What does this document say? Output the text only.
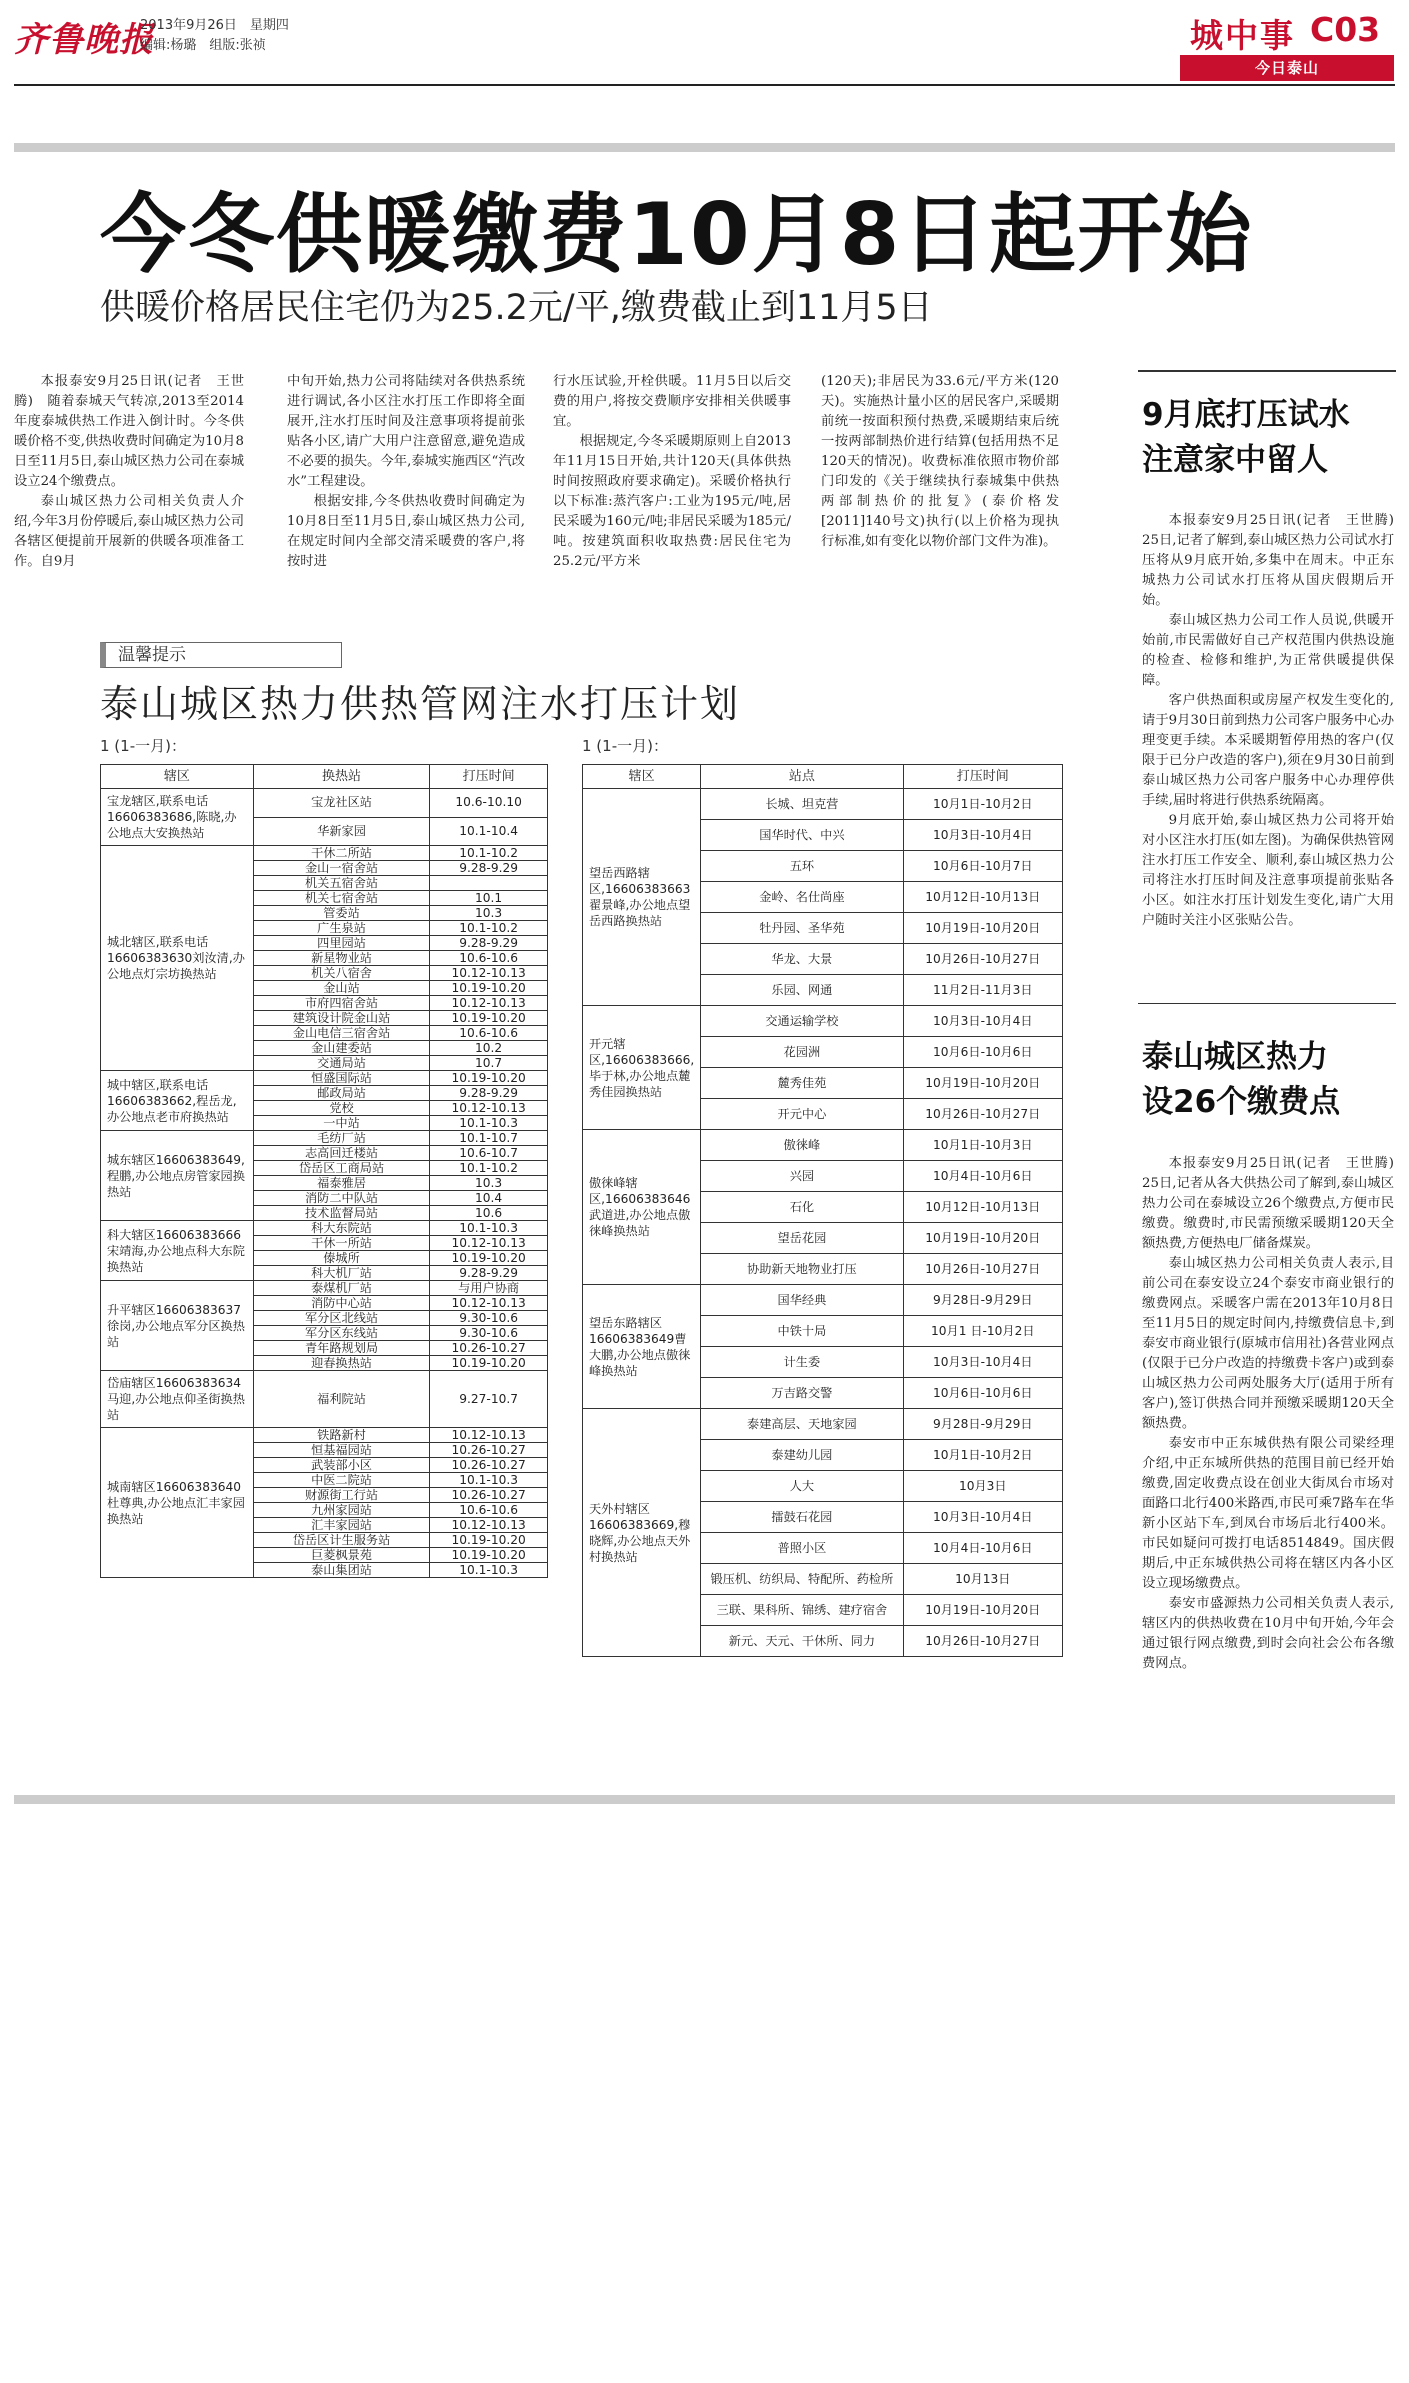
齐鲁晚报
2013年9月26日　星期四
编辑:杨璐　组版:张祯	城中事 C03
今日泰山
今冬供暖缴费10月8日起开始
供暖价格居民住宅仍为25.2元/平,缴费截止到11月5日

本报泰安9月25日讯(记者　王世腾)　随着泰城天气转凉,2013至2014年度泰城供热工作进入倒计时。今冬供暖价格不变,供热收费时间确定为10月8日至11月5日,泰山城区热力公司在泰城设立24个缴费点。

泰山城区热力公司相关负责人介绍,今年3月份停暖后,泰山城区热力公司各辖区便提前开展新的供暖各项准备工作。自9月

中旬开始,热力公司将陆续对各供热系统进行调试,各小区注水打压工作即将全面展开,注水打压时间及注意事项将提前张贴各小区,请广大用户注意留意,避免造成不必要的损失。今年,泰城实施西区“汽改水”工程建设。

根据安排,今冬供热收费时间确定为10月8日至11月5日,泰山城区热力公司,在规定时间内全部交清采暖费的客户,将按时进

行水压试验,开栓供暖。11月5日以后交费的用户,将按交费顺序安排相关供暖事宜。

根据规定,今冬采暖期原则上自2013年11月15日开始,共计120天(具体供热时间按照政府要求确定)。采暖价格执行以下标准:蒸汽客户:工业为195元/吨,居民采暖为160元/吨;非居民采暖为185元/吨。按建筑面积收取热费:居民住宅为25.2元/平方米

(120天);非居民为33.6元/平方米(120天)。实施热计量小区的居民客户,采暖期前统一按面积预付热费,采暖期结束后统一按两部制热价进行结算(包括用热不足120天的情况)。收费标准依照市物价部门印发的《关于继续执行泰城集中供热两部制热价的批复》(泰价格发[2011]140号文)执行(以上价格为现执行标准,如有变化以物价部门文件为准)。

温馨提示
泰山城区热力供热管网注水打压计划
1 (1-一月)：	1 (1-一月)：
辖区	换热站	打压时间
宝龙辖区,联系电话16606383686,陈晓,办公地点大安换热站	宝龙社区站	10.6-10.10
	华新家园	10.1-10.4
城北辖区,联系电话16606383630刘汝清,办公地点灯宗坊换热站	干休二所站	10.1-10.2
	金山一宿舍站	9.28-9.29
	机关五宿舍站	
	机关七宿舍站	10.1
	管委站	10.3
	广生泉站	10.1-10.2
	四里园站	9.28-9.29
	新星物业站	10.6-10.6
	机关八宿舍	10.12-10.13
	金山站	10.19-10.20
	市府四宿舍站	10.12-10.13
	建筑设计院金山站	10.19-10.20
	金山电信三宿舍站	10.6-10.6
	金山建委站	10.2
	交通局站	10.7
城中辖区,联系电话16606383662,程岳龙,办公地点老市府换热站	恒盛国际站	10.19-10.20
	邮政局站	9.28-9.29
	党校	10.12-10.13
	一中站	10.1-10.3
城东辖区16606383649,程鹏,办公地点房管家园换热站	毛纺厂站	10.1-10.7
	志高回迁楼站	10.6-10.7
	岱岳区工商局站	10.1-10.2
	福泰雅居	10.3
	消防二中队站	10.4
	技术监督局站	10.6
科大辖区16606383666宋靖海,办公地点科大东院换热站	科大东院站	10.1-10.3
	干休一所站	10.12-10.13
	傣城所	10.19-10.20
	科大机厂站	9.28-9.29
升平辖区16606383637徐岗,办公地点军分区换热站	泰煤机厂站	与用户协商
	消防中心站	10.12-10.13
	军分区北线站	9.30-10.6
	军分区东线站	9.30-10.6
	青年路规划局	10.26-10.27
	迎春换热站	10.19-10.20
岱庙辖区16606383634马迎,办公地点仰圣街换热站	福利院站	9.27-10.7
城南辖区16606383640杜尊典,办公地点汇丰家园换热站	铁路新村	10.12-10.13
	恒基福园站	10.26-10.27
	武装部小区	10.26-10.27
	中医二院站	10.1-10.3
	财源街工行站	10.26-10.27
	九州家园站	10.6-10.6
	汇丰家园站	10.12-10.13
	岱岳区计生服务站	10.19-10.20
	巨菱枫景苑	10.19-10.20
	泰山集团站	10.1-10.3
辖区	站点	打压时间
望岳西路辖区,16606383663翟景峰,办公地点望岳西路换热站	长城、坦克营	10月1日-10月2日
	国华时代、中兴	10月3日-10月4日
	五环	10月6日-10月7日
	金岭、名仕尚座	10月12日-10月13日
	牡丹园、圣华苑	10月19日-10月20日
	华龙、大景	10月26日-10月27日
	乐园、网通	11月2日-11月3日
开元辖区,16606383666,毕于林,办公地点麓秀佳园换热站	交通运输学校	10月3日-10月4日
	花园洲	10月6日-10月6日
	麓秀佳苑	10月19日-10月20日
	开元中心	10月26日-10月27日
傲徕峰辖区,16606383646武道进,办公地点傲徕峰换热站	傲徕峰	10月1日-10月3日
	兴园	10月4日-10月6日
	石化	10月12日-10月13日
	望岳花园	10月19日-10月20日
	协助新天地物业打压	10月26日-10月27日
望岳东路辖区16606383649曹大鹏,办公地点傲徕峰换热站	国华经典	9月28日-9月29日
	中铁十局	10月1 日-10月2日
	计生委	10月3日-10月4日
	万吉路交警	10月6日-10月6日
天外村辖区16606383669,穆晓辉,办公地点天外村换热站	泰建高层、天地家园	9月28日-9月29日
	泰建幼儿园	10月1日-10月2日
	人大	10月3日
	擂鼓石花园	10月3日-10月4日
	普照小区	10月4日-10月6日
	锻压机、纺织局、特配所、药检所	10月13日
	三联、果科所、锦绣、建疗宿舍	10月19日-10月20日
	新元、天元、干休所、同力	10月26日-10月27日
9月底打压试水
注意家中留人

本报泰安9月25日讯(记者　王世腾)　25日,记者了解到,泰山城区热力公司试水打压将从9月底开始,多集中在周末。中正东城热力公司试水打压将从国庆假期后开始。

泰山城区热力公司工作人员说,供暖开始前,市民需做好自己产权范围内供热设施的检查、检修和维护,为正常供暖提供保障。

客户供热面积或房屋产权发生变化的,请于9月30日前到热力公司客户服务中心办理变更手续。本采暖期暂停用热的客户(仅限于已分户改造的客户),须在9月30日前到泰山城区热力公司客户服务中心办理停供手续,届时将进行供热系统隔离。

9月底开始,泰山城区热力公司将开始对小区注水打压(如左图)。为确保供热管网注水打压工作安全、顺利,泰山城区热力公司将注水打压时间及注意事项提前张贴各小区。如注水打压计划发生变化,请广大用户随时关注小区张贴公告。

泰山城区热力
设26个缴费点

本报泰安9月25日讯(记者　王世腾)　25日,记者从各大供热公司了解到,泰山城区热力公司在泰城设立26个缴费点,方便市民缴费。缴费时,市民需预缴采暖期120天全额热费,方便热电厂储备煤炭。

泰山城区热力公司相关负责人表示,目前公司在泰安设立24个泰安市商业银行的缴费网点。采暖客户需在2013年10月8日至11月5日的规定时间内,持缴费信息卡,到泰安市商业银行(原城市信用社)各营业网点(仅限于已分户改造的持缴费卡客户)或到泰山城区热力公司两处服务大厅(适用于所有客户),签订供热合同并预缴采暖期120天全额热费。

泰安市中正东城供热有限公司梁经理介绍,中正东城所供热的范围目前已经开始缴费,固定收费点设在创业大街凤台市场对面路口北行400米路西,市民可乘7路车在华新小区站下车,到凤台市场后北行400米。市民如疑问可拨打电话8514849。国庆假期后,中正东城供热公司将在辖区内各小区设立现场缴费点。

泰安市盛源热力公司相关负责人表示,辖区内的供热收费在10月中旬开始,今年会通过银行网点缴费,到时会向社会公布各缴费网点。
